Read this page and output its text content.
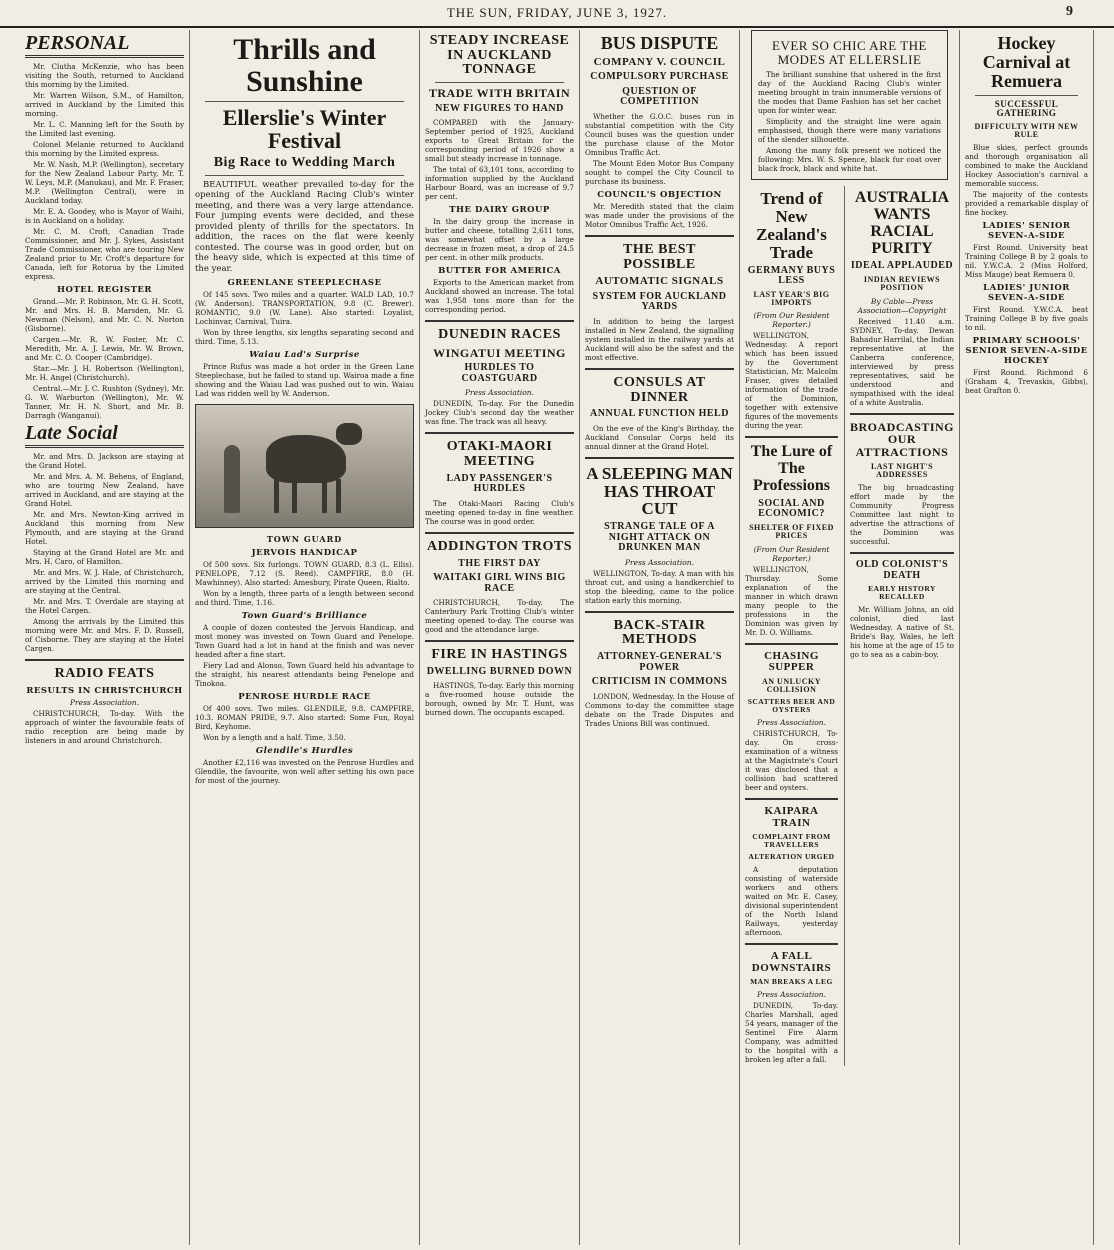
THE SUN, FRIDAY, JUNE 3, 1927.	9
PERSONAL

Mr. Clutha McKenzie, who has been visiting the South, returned to Auckland this morning by the Limited.

Mr. Warren Wilson, S.M., of Hamilton, arrived in Auckland by the Limited this morning.

Mr. L. C. Manning left for the South by the Limited last evening.

Colonel Melanie returned to Auckland this morning by the Limited express.

Mr. W. Nash, M.P. (Wellington), secretary for the New Zealand Labour Party, Mr. T. W. Leys, M.P. (Manukau), and Mr. F. Fraser, M.P. (Wellington Central), were in Auckland today.

Mr. E. A. Goodey, who is Mayor of Waihi, is in Auckland on a holiday.

Mr. C. M. Croft, Canadian Trade Commissioner, and Mr. J. Sykes, Assistant Trade Commissioner, who are touring New Zealand prior to Mr. Croft's departure for Canada, left for Rotorua by the Limited express.

HOTEL REGISTER

Grand.—Mr. P. Robinson, Mr. G. H. Scott, Mr. and Mrs. H. B. Marsden, Mr. G. Newman (Nelson), and Mr. C. N. Norton (Gisborne).

Cargen.—Mr. R. W. Foster, Mr. C. Meredith, Mr. A. J. Lewis, Mr. W. Brown, and Mr. C. O. Cooper (Cambridge).

Star.—Mr. J. H. Robertson (Wellington), Mr. H. Angel (Christchurch).

Central.—Mr. J. C. Rushton (Sydney), Mr. G. W. Warburton (Wellington), Mr. W. Tanner, Mr. H. N. Short, and Mr. B. Darragh (Wanganui).

Late Social

Mr. and Mrs. D. Jackson are staying at the Grand Hotel.

Mr. and Mrs. A. M. Behens, of England, who are touring New Zealand, have arrived in Auckland, and are staying at the Grand Hotel.

Mr. and Mrs. Newton-King arrived in Auckland this morning from New Plymouth, and are staying at the Grand Hotel.

Staying at the Grand Hotel are Mr. and Mrs. H. Caro, of Hamilton.

Mr. and Mrs. W. J. Hale, of Christchurch, arrived by the Limited this morning and are staying at the Central.

Mr. and Mrs. T. Overdale are staying at the Hotel Cargen.

Among the arrivals by the Limited this morning were Mr. and Mrs. F. D. Russell, of Cisborne. They are staying at the Hotel Cargen.

RADIO FEATS
RESULTS IN CHRISTCHURCH
Press Association.

CHRISTCHURCH, To-day. With the approach of winter the favourable feats of radio reception are being made by listeners in and around Christchurch.

Thrills and Sunshine
Ellerslie's Winter Festival
Big Race to Wedding March

BEAUTIFUL weather prevailed to-day for the opening of the Auckland Racing Club's winter meeting, and there was a very large attendance. Four jumping events were decided, and these provided plenty of thrills for the spectators. In addition, the races on the flat were keenly contested. The course was in good order, but on the heavy side, which is expected at this time of the year.

GREENLANE STEEPLECHASE

Of 145 sovs. Two miles and a quarter. WALD LAD, 10.7 (W. Anderson). TRANSPORTATION, 9.8 (C. Brewer). ROMANTIC, 9.0 (W. Lane). Also started: Loyalist, Lochinvar, Carnival, Tuira.

Won by three lengths, six lengths separating second and third. Time, 5.13.

Waiau Lad's Surprise

Prince Rufus was made a hot order in the Green Lane Steeplechase, but he failed to stand up. Wairoa made a fine showing and the Waiau Lad was pushed out to win. Waiau Lad was ridden well by W. Anderson.

TOWN GUARD
JERVOIS HANDICAP

Of 500 sovs. Six furlongs. TOWN GUARD, 8.3 (L. Ellis). PENELOPE, 7.12 (S. Reed). CAMPFIRE, 8.0 (H. Mawhinney). Also started: Amesbury, Pirate Queen, Rialto.

Won by a length, three parts of a length between second and third. Time, 1.16.

Town Guard's Brilliance

A couple of dozen contested the Jervois Handicap, and most money was invested on Town Guard and Penelope. Town Guard had a lot in hand at the finish and was never headed after a fine start.

Fiery Lad and Alonso, Town Guard held his advantage to the straight, his nearest attendants being Penelope and Tinokoa.

PENROSE HURDLE RACE

Of 400 sovs. Two miles. GLENDILE, 9.8. CAMPFIRE, 10.3. ROMAN PRIDE, 9.7. Also started: Some Fun, Royal Bird, Keyhome.

Won by a length and a half. Time, 3.50.

Glendile's Hurdles

Another £2,116 was invested on the Penrose Hurdles and Glendile, the favourite, won well after setting his own pace for most of the journey.

STEADY INCREASE IN AUCKLAND TONNAGE
TRADE WITH BRITAIN
NEW FIGURES TO HAND

COMPARED with the January-September period of 1925, Auckland exports to Great Britain for the corresponding period of 1926 show a small but steady increase in tonnage.

The total of 63,101 tons, according to information supplied by the Auckland Harbour Board, was an increase of 9.7 per cent.

THE DAIRY GROUP

In the dairy group the increase in butter and cheese, totalling 2,611 tons, was somewhat offset by a large decrease in frozen meat, a drop of 24.5 per cent. in other milk products.

BUTTER FOR AMERICA

Exports to the American market from Auckland showed an increase. The total was 1,958 tons more than for the corresponding period.

DUNEDIN RACES
WINGATUI MEETING
HURDLES TO COASTGUARD
Press Association.

DUNEDIN, To-day. For the Dunedin Jockey Club's second day the weather was fine. The track was all heavy.

OTAKI-MAORI MEETING
LADY PASSENGER'S HURDLES

The Otaki-Maori Racing Club's meeting opened to-day in fine weather. The course was in good order.

ADDINGTON TROTS
THE FIRST DAY
WAITAKI GIRL WINS BIG RACE

CHRISTCHURCH, To-day. The Canterbury Park Trotting Club's winter meeting opened to-day. The course was good and the attendance large.

FIRE IN HASTINGS
DWELLING BURNED DOWN

HASTINGS, To-day. Early this morning a five-roomed house outside the borough, owned by Mr. T. Hunt, was burned down. The occupants escaped.

BUS DISPUTE
COMPANY V. COUNCIL
COMPULSORY PURCHASE
QUESTION OF COMPETITION

Whether the G.O.C. buses run in substantial competition with the City Council buses was the question under the purchase clause of the Motor Omnibus Traffic Act.

The Mount Eden Motor Bus Company sought to compel the City Council to purchase its business.

COUNCIL'S OBJECTION

Mr. Meredith stated that the claim was made under the provisions of the Motor Omnibus Traffic Act, 1926.

THE BEST POSSIBLE
AUTOMATIC SIGNALS
SYSTEM FOR AUCKLAND YARDS

In addition to being the largest installed in New Zealand, the signalling system installed in the railway yards at Auckland will also be the safest and the most effective.

CONSULS AT DINNER
ANNUAL FUNCTION HELD

On the eve of the King's Birthday, the Auckland Consular Corps held its annual dinner at the Grand Hotel.

A SLEEPING MAN HAS THROAT CUT
STRANGE TALE OF A NIGHT ATTACK ON DRUNKEN MAN
Press Association.

WELLINGTON, To-day. A man with his throat cut, and using a handkerchief to stop the bleeding, came to the police station early this morning.

BACK-STAIR METHODS
ATTORNEY-GENERAL'S POWER
CRITICISM IN COMMONS

LONDON, Wednesday. In the House of Commons to-day the committee stage debate on the Trade Disputes and Trades Unions Bill was continued.

EVER SO CHIC ARE THE MODES AT ELLERSLIE

The brilliant sunshine that ushered in the first day of the Auckland Racing Club's winter meeting brought in train innumerable versions of the modes that Dame Fashion has set her cachet upon for winter wear.

Simplicity and the straight line were again emphasised, though there were many variations of the slender silhouette.

Among the many folk present we noticed the following: Mrs. W. S. Spence, black fur coat over black frock, black and white hat.

Trend of New Zealand's Trade
GERMANY BUYS LESS
LAST YEAR'S BIG IMPORTS
(From Our Resident Reporter.)

WELLINGTON, Wednesday. A report which has been issued by the Government Statistician, Mr. Malcolm Fraser, gives detailed information of the trade of the Dominion, together with extensive figures of the movements during the year.

The Lure of The Professions
SOCIAL AND ECONOMIC?
SHELTER OF FIXED PRICES
(From Our Resident Reporter.)

WELLINGTON, Thursday. Some explanation of the manner in which drawn many people to the professions in the Dominion was given by Mr. D. O. Williams.

CHASING SUPPER
AN UNLUCKY COLLISION
SCATTERS BEER AND OYSTERS
Press Association.

CHRISTCHURCH, To-day. On cross-examination of a witness at the Magistrate's Court it was disclosed that a collision had scattered beer and oysters.

KAIPARA TRAIN
COMPLAINT FROM TRAVELLERS
ALTERATION URGED

A deputation consisting of waterside workers and others waited on Mr. E. Casey, divisional superintendent of the North Island Railways, yesterday afternoon.

A FALL DOWNSTAIRS
MAN BREAKS A LEG
Press Association.

DUNEDIN, To-day. Charles Marshall, aged 54 years, manager of the Sentinel Fire Alarm Company, was admitted to the hospital with a broken leg after a fall.

AUSTRALIA WANTS RACIAL PURITY
IDEAL APPLAUDED
INDIAN REVIEWS POSITION
By Cable—Press Association—Copyright

Received 11.40 a.m. SYDNEY, To-day. Dewan Bahadur Harrilal, the Indian representative at the Canberra conference, interviewed by press representatives, said he understood and sympathised with the ideal of a white Australia.

BROADCASTING OUR ATTRACTIONS
LAST NIGHT'S ADDRESSES

The big broadcasting effort made by the Community Progress Committee last night to advertise the attractions of the Dominion was successful.

OLD COLONIST'S DEATH
EARLY HISTORY RECALLED

Mr. William Johns, an old colonist, died last Wednesday. A native of St. Bride's Bay, Wales, he left his home at the age of 15 to go to sea as a cabin-boy.

Hockey Carnival at Remuera
SUCCESSFUL GATHERING
DIFFICULTY WITH NEW RULE

Blue skies, perfect grounds and thorough organisation all combined to make the Auckland Hockey Association's carnival a memorable success.

The majority of the contests provided a remarkable display of fine hockey.

LADIES' SENIOR SEVEN-A-SIDE

First Round. University beat Training College B by 2 goals to nil. Y.W.C.A. 2 (Miss Holford, Miss Mauge) beat Remuera 0.

LADIES' JUNIOR SEVEN-A-SIDE

First Round. Y.W.C.A. beat Training College B by five goals to nil.

PRIMARY SCHOOLS' SENIOR SEVEN-A-SIDE HOCKEY

First Round. Richmond 6 (Graham 4, Trevaskis, Gibbs), beat Grafton 0.
